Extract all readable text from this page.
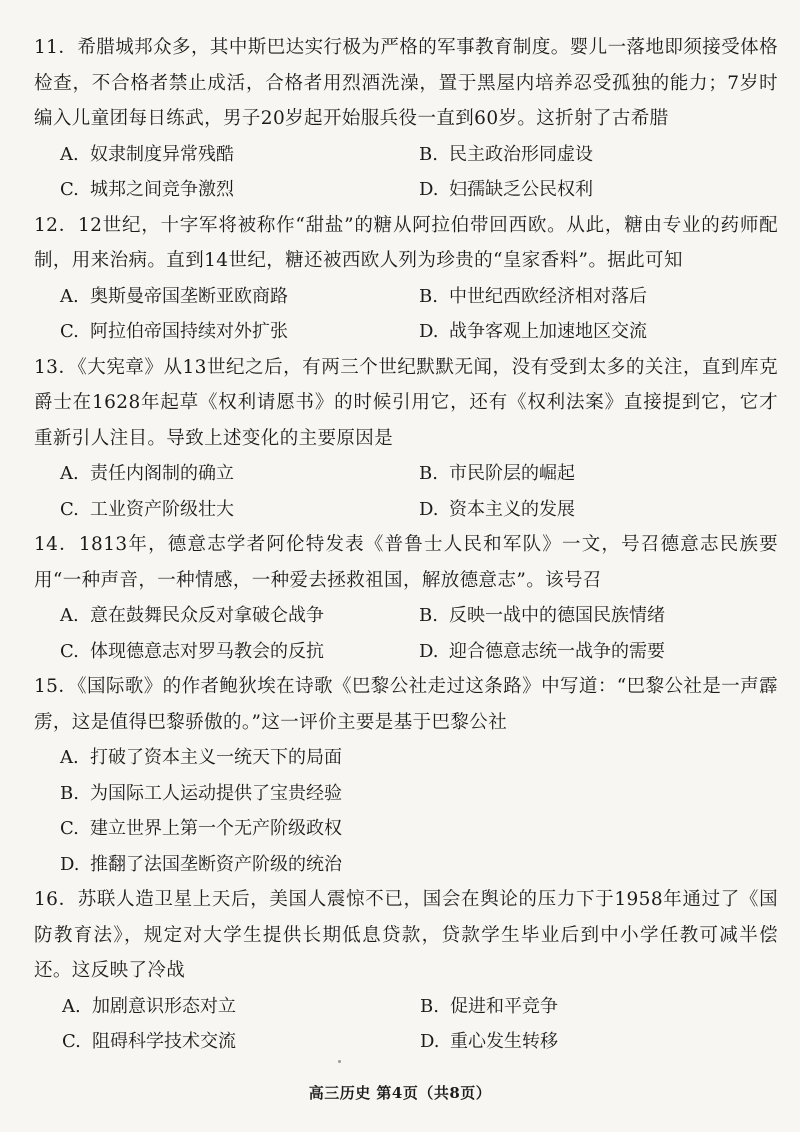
11．希腊城邦众多，其中斯巴达实行极为严格的军事教育制度。婴儿一落地即须接受体格检查，不合格者禁止成活，合格者用烈酒洗澡，置于黑屋内培养忍受孤独的能力；7岁时编入儿童团每日练武，男子20岁起开始服兵役一直到60岁。这折射了古希腊

A. 奴隶制度异常残酷	B. 民主政治形同虚设
C. 城邦之间竞争激烈	D. 妇孺缺乏公民权利

12．12世纪，十字军将被称作“甜盐”的糖从阿拉伯带回西欧。从此，糖由专业的药师配制，用来治病。直到14世纪，糖还被西欧人列为珍贵的“皇家香料”。据此可知

A. 奥斯曼帝国垄断亚欧商路	B. 中世纪西欧经济相对落后
C. 阿拉伯帝国持续对外扩张	D. 战争客观上加速地区交流

13．《大宪章》从13世纪之后，有两三个世纪默默无闻，没有受到太多的关注，直到库克爵士在1628年起草《权利请愿书》的时候引用它，还有《权利法案》直接提到它，它才重新引人注目。导致上述变化的主要原因是

A. 责任内阁制的确立	B. 市民阶层的崛起
C. 工业资产阶级壮大	D. 资本主义的发展

14．1813年，德意志学者阿伦特发表《普鲁士人民和军队》一文，号召德意志民族要用“一种声音，一种情感，一种爱去拯救祖国，解放德意志”。该号召

A. 意在鼓舞民众反对拿破仑战争	B. 反映一战中的德国民族情绪
C. 体现德意志对罗马教会的反抗	D. 迎合德意志统一战争的需要

15．《国际歌》的作者鲍狄埃在诗歌《巴黎公社走过这条路》中写道：“巴黎公社是一声霹雳，这是值得巴黎骄傲的。”这一评价主要是基于巴黎公社

A. 打破了资本主义一统天下的局面
B. 为国际工人运动提供了宝贵经验
C. 建立世界上第一个无产阶级政权
D. 推翻了法国垄断资产阶级的统治

16．苏联人造卫星上天后，美国人震惊不已，国会在舆论的压力下于1958年通过了《国防教育法》，规定对大学生提供长期低息贷款，贷款学生毕业后到中小学任教可减半偿还。这反映了冷战

A. 加剧意识形态对立	B. 促进和平竞争
C. 阻碍科学技术交流	D. 重心发生转移
高三历史 第4页（共8页）
